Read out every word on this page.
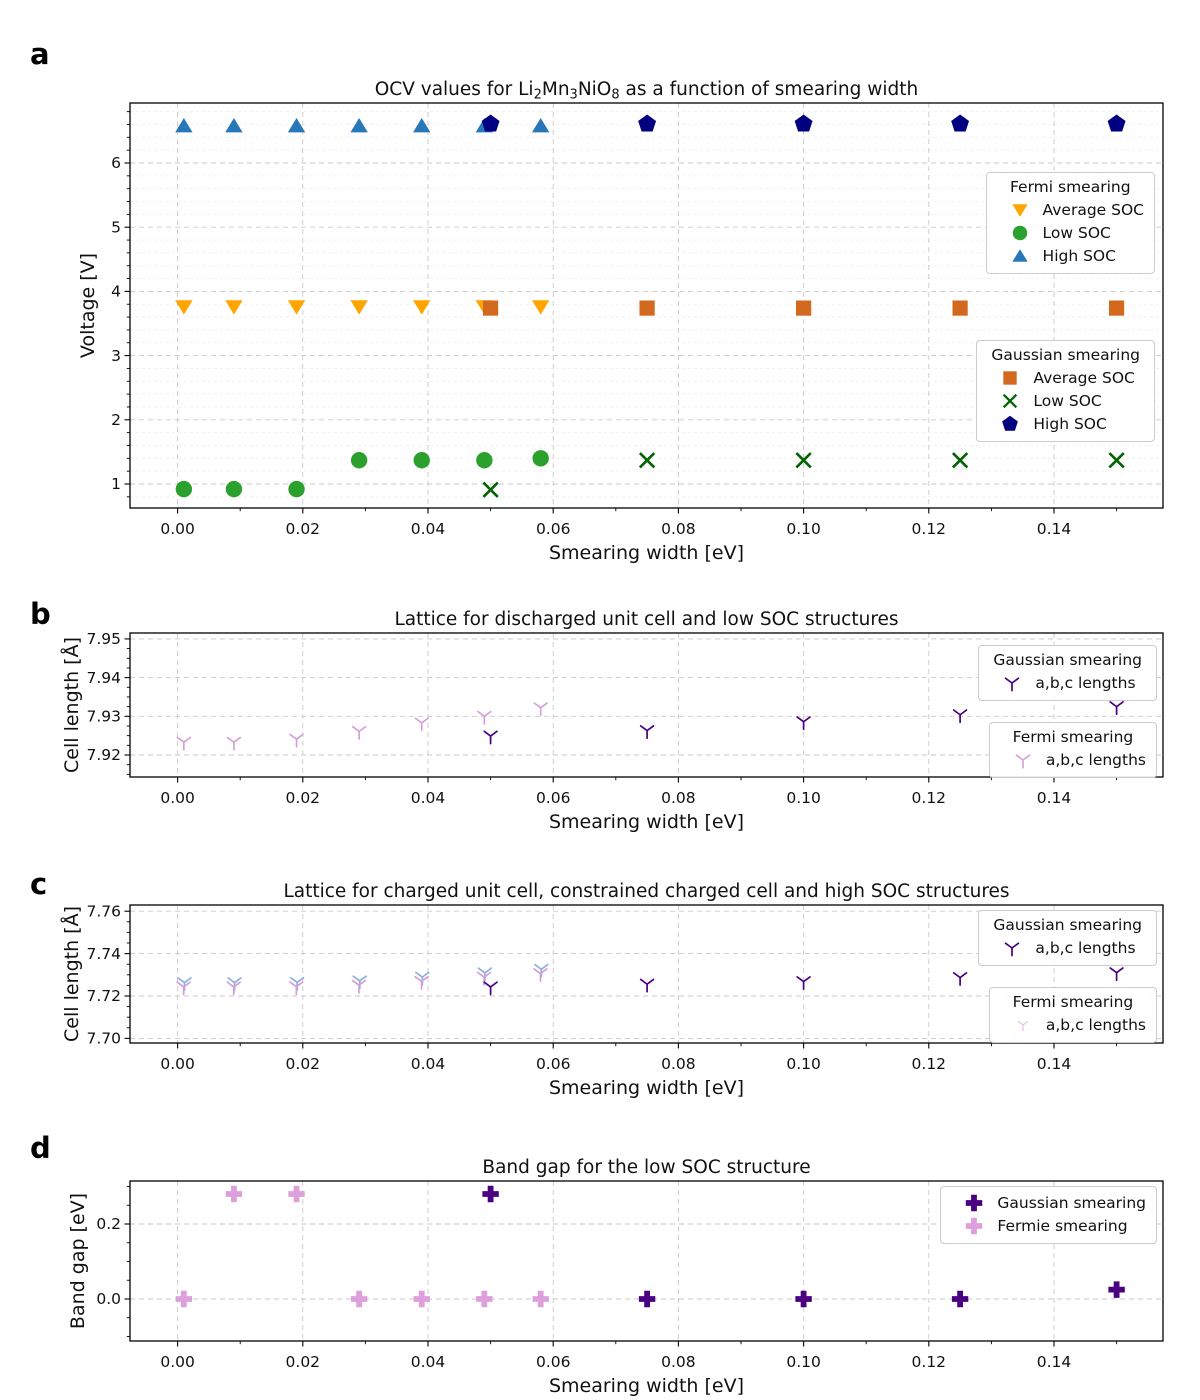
0.00	0.02	0.04	0.06	0.08	0.10	0.12	0.14
1
2
3
4
5
6
OCV values for Li2Mn3NiO8 as a function of smearing width
Smearing width [eV]
Voltage [V]
0.00	0.02	0.04	0.06	0.08	0.10	0.12	0.14
7.92
7.93
7.94
7.95
Lattice for discharged unit cell and low SOC structures
Smearing width [eV]
Cell length [Å]
0.00	0.02	0.04	0.06	0.08	0.10	0.12	0.14
7.70
7.72
7.74
7.76
Lattice for charged unit cell, constrained charged cell and high SOC structures
Smearing width [eV]
Cell length [Å]
0.00	0.02	0.04	0.06	0.08	0.10	0.12	0.14
0.0
0.2
Band gap for the low SOC structure
Smearing width [eV]
Band gap [eV]
a
b
c
d
Fermi smearing
Average SOC
Low SOC
High SOC
Gaussian smearing
Average SOC
Low SOC
High SOC
Gaussian smearing
a,b,c lengths
Fermi smearing
a,b,c lengths
Gaussian smearing
a,b,c lengths
Fermi smearing
a,b,c lengths
Gaussian smearing
Fermie smearing
